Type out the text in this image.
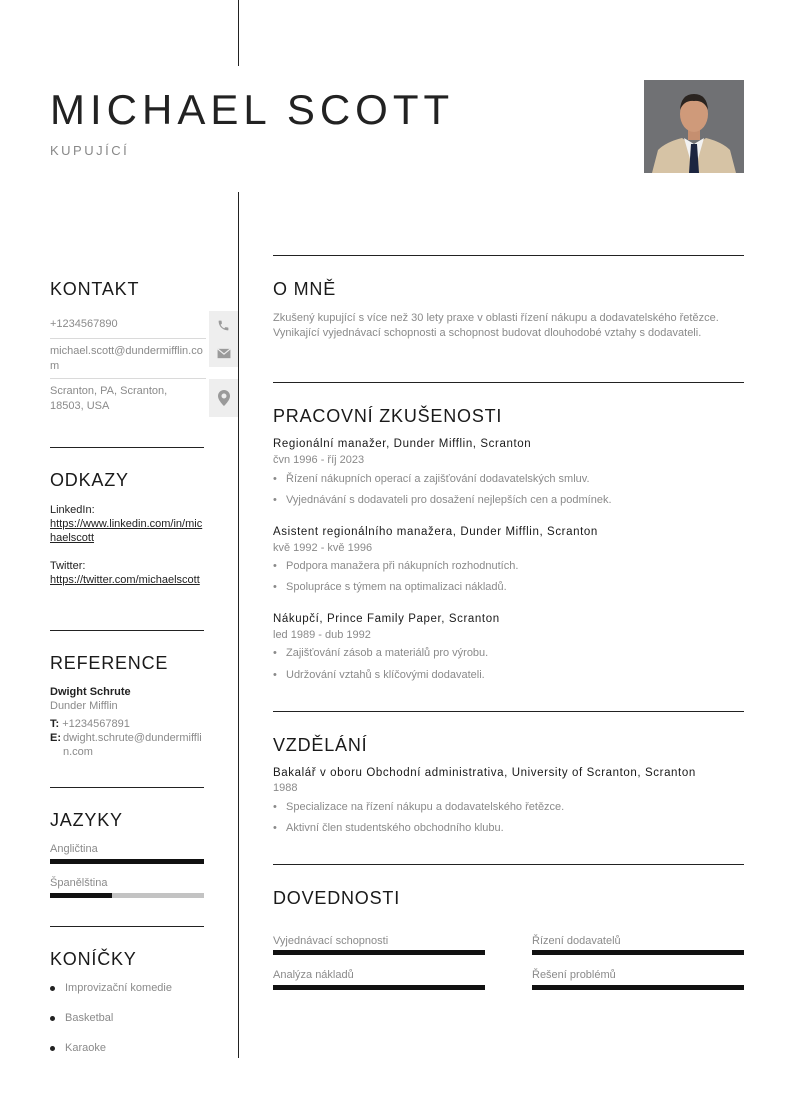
MICHAEL SCOTT
KUPUJÍCÍ
KONTAKT
+1234567890
michael.scott@dundermifflin.com
Scranton, PA, Scranton, 18503, USA
ODKAZY
LinkedIn:
https://www.linkedin.com/in/michaelscott
Twitter:
https://twitter.com/michaelscott
REFERENCE
Dwight Schrute
Dunder Mifflin
T: +1234567891
E: dwight.schrute@dundermifflin.com
JAZYKY
Angličtina
Španělština
KONÍČKY
Improvizační komedie
Basketbal
Karaoke
O MNĚ
Zkušený kupující s více než 30 lety praxe v oblasti řízení nákupu a dodavatelského řetězce. Vynikající vyjednávací schopnosti a schopnost budovat dlouhodobé vztahy s dodavateli.
PRACOVNÍ ZKUŠENOSTI
Regionální manažer, Dunder Mifflin, Scranton
čvn 1996 - říj 2023
• Řízení nákupních operací a zajišťování dodavatelských smluv.
• Vyjednávání s dodavateli pro dosažení nejlepších cen a podmínek.
Asistent regionálního manažera, Dunder Mifflin, Scranton
kvě 1992 - kvě 1996
• Podpora manažera při nákupních rozhodnutích.
• Spolupráce s týmem na optimalizaci nákladů.
Nákupčí, Prince Family Paper, Scranton
led 1989 - dub 1992
• Zajišťování zásob a materiálů pro výrobu.
• Udržování vztahů s klíčovými dodavateli.
VZDĚLÁNÍ
Bakalář v oboru Obchodní administrativa, University of Scranton, Scranton
1988
• Specializace na řízení nákupu a dodavatelského řetězce.
• Aktivní člen studentského obchodního klubu.
DOVEDNOSTI
Vyjednávací schopnosti	Řízení dodavatelů
Analýza nákladů	Řešení problémů
